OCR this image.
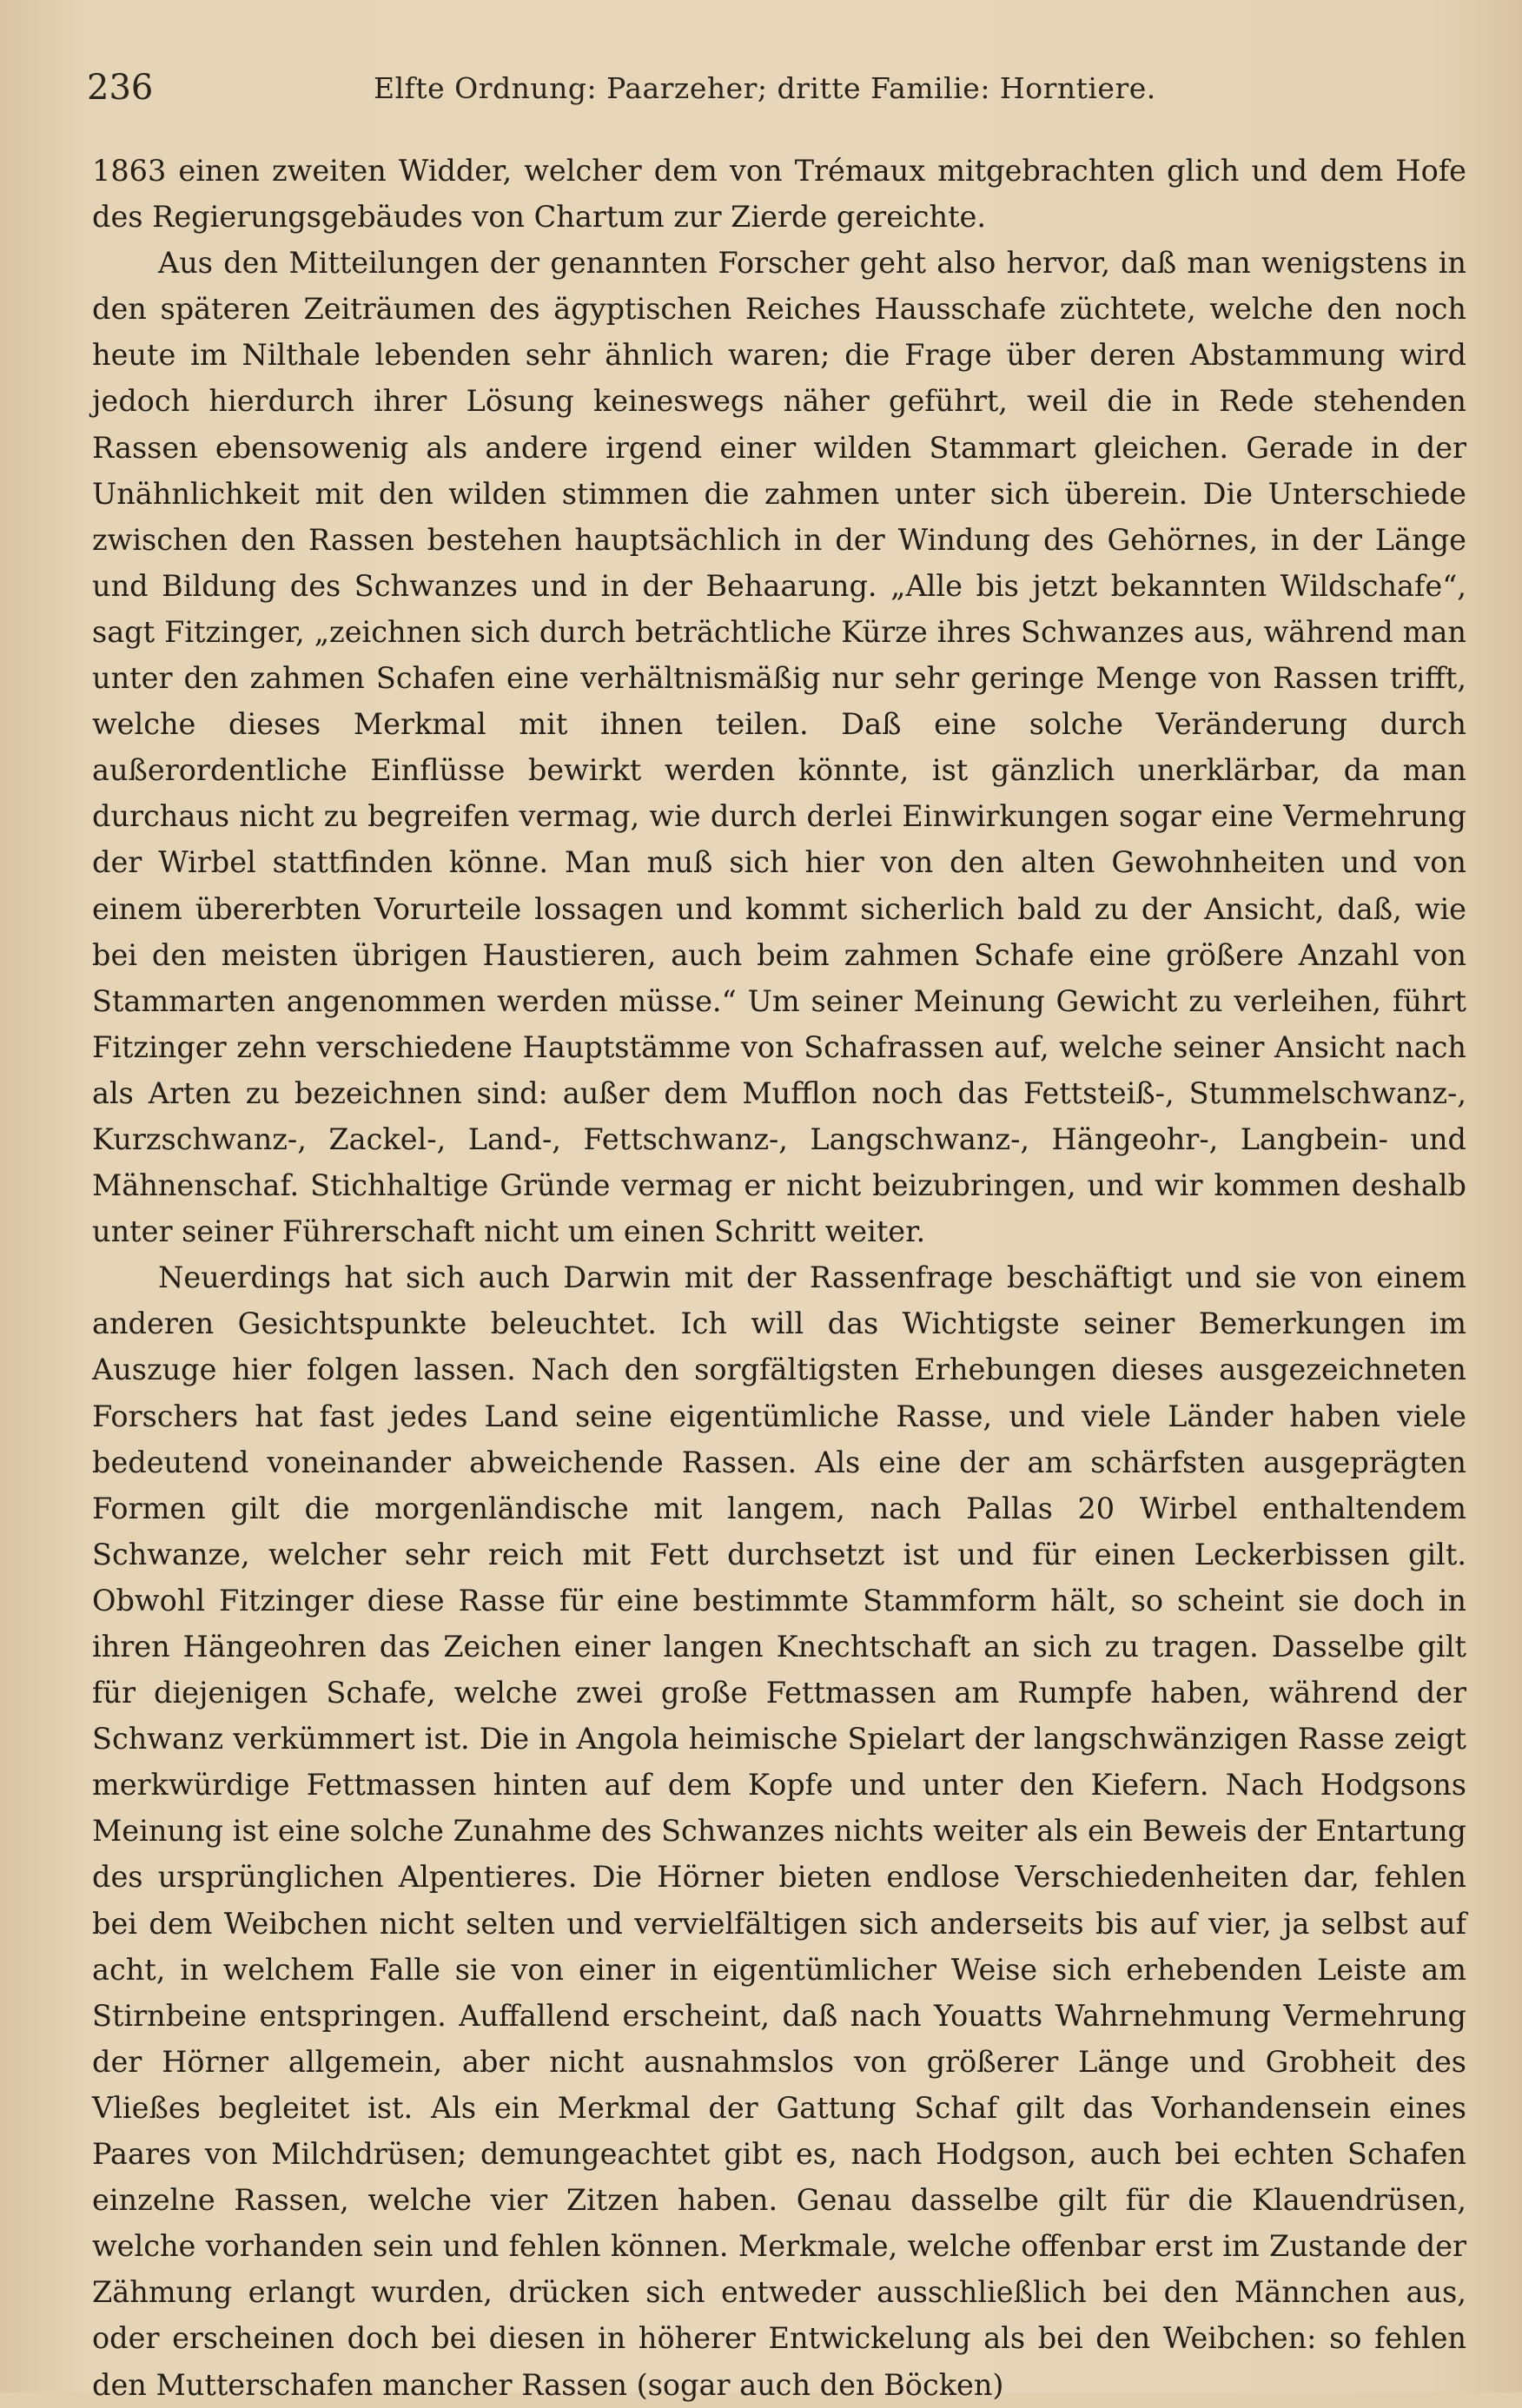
236	Elfte Ordnung: Paarzeher; dritte Familie: Horntiere.

1863 einen zweiten Widder, welcher dem von Trémaux mitgebrachten glich und dem Hofe des Regierungsgebäudes von Chartum zur Zierde gereichte.

Aus den Mitteilungen der genannten Forscher geht also hervor, daß man wenigstens in den späteren Zeiträumen des ägyptischen Reiches Hausschafe züchtete, welche den noch heute im Nilthale lebenden sehr ähnlich waren; die Frage über deren Abstammung wird jedoch hierdurch ihrer Lösung keineswegs näher geführt, weil die in Rede stehenden Rassen ebensowenig als andere irgend einer wilden Stammart gleichen. Gerade in der Unähnlichkeit mit den wilden stimmen die zahmen unter sich überein. Die Unterschiede zwischen den Rassen bestehen hauptsächlich in der Windung des Gehörnes, in der Länge und Bildung des Schwanzes und in der Behaarung. „Alle bis jetzt bekannten Wildschafe“, sagt Fitzinger, „zeichnen sich durch beträchtliche Kürze ihres Schwanzes aus, während man unter den zahmen Schafen eine verhältnismäßig nur sehr geringe Menge von Rassen trifft, welche dieses Merkmal mit ihnen teilen. Daß eine solche Veränderung durch außerordentliche Einflüsse bewirkt werden könnte, ist gänzlich unerklärbar, da man durchaus nicht zu begreifen vermag, wie durch derlei Einwirkungen sogar eine Vermehrung der Wirbel stattfinden könne. Man muß sich hier von den alten Gewohnheiten und von einem übererbten Vorurteile lossagen und kommt sicherlich bald zu der Ansicht, daß, wie bei den meisten übrigen Haustieren, auch beim zahmen Schafe eine größere Anzahl von Stammarten angenommen werden müsse.“ Um seiner Meinung Gewicht zu verleihen, führt Fitzinger zehn verschiedene Hauptstämme von Schafrassen auf, welche seiner Ansicht nach als Arten zu bezeichnen sind: außer dem Mufflon noch das Fettsteiß-, Stummelschwanz-, Kurzschwanz-, Zackel-, Land-, Fettschwanz-, Langschwanz-, Hängeohr-, Langbein- und Mähnenschaf. Stichhaltige Gründe vermag er nicht beizubringen, und wir kommen deshalb unter seiner Führerschaft nicht um einen Schritt weiter.

Neuerdings hat sich auch Darwin mit der Rassenfrage beschäftigt und sie von einem anderen Gesichtspunkte beleuchtet. Ich will das Wichtigste seiner Bemerkungen im Auszuge hier folgen lassen. Nach den sorgfältigsten Erhebungen dieses ausgezeichneten Forschers hat fast jedes Land seine eigentümliche Rasse, und viele Länder haben viele bedeutend voneinander abweichende Rassen. Als eine der am schärfsten ausgeprägten Formen gilt die morgenländische mit langem, nach Pallas 20 Wirbel enthaltendem Schwanze, welcher sehr reich mit Fett durchsetzt ist und für einen Leckerbissen gilt. Obwohl Fitzinger diese Rasse für eine bestimmte Stammform hält, so scheint sie doch in ihren Hängeohren das Zeichen einer langen Knechtschaft an sich zu tragen. Dasselbe gilt für diejenigen Schafe, welche zwei große Fettmassen am Rumpfe haben, während der Schwanz verkümmert ist. Die in Angola heimische Spielart der langschwänzigen Rasse zeigt merkwürdige Fettmassen hinten auf dem Kopfe und unter den Kiefern. Nach Hodgsons Meinung ist eine solche Zunahme des Schwanzes nichts weiter als ein Beweis der Entartung des ursprünglichen Alpentieres. Die Hörner bieten endlose Verschiedenheiten dar, fehlen bei dem Weibchen nicht selten und vervielfältigen sich anderseits bis auf vier, ja selbst auf acht, in welchem Falle sie von einer in eigentümlicher Weise sich erhebenden Leiste am Stirnbeine entspringen. Auffallend erscheint, daß nach Youatts Wahrnehmung Vermehrung der Hörner allgemein, aber nicht ausnahmslos von größerer Länge und Grobheit des Vließes begleitet ist. Als ein Merkmal der Gattung Schaf gilt das Vorhandensein eines Paares von Milchdrüsen; demungeachtet gibt es, nach Hodgson, auch bei echten Schafen einzelne Rassen, welche vier Zitzen haben. Genau dasselbe gilt für die Klauendrüsen, welche vorhanden sein und fehlen können. Merkmale, welche offenbar erst im Zustande der Zähmung erlangt wurden, drücken sich entweder ausschließlich bei den Männchen aus, oder erscheinen doch bei diesen in höherer Entwickelung als bei den Weibchen: so fehlen den Mutterschafen mancher Rassen (sogar auch den Böcken)
